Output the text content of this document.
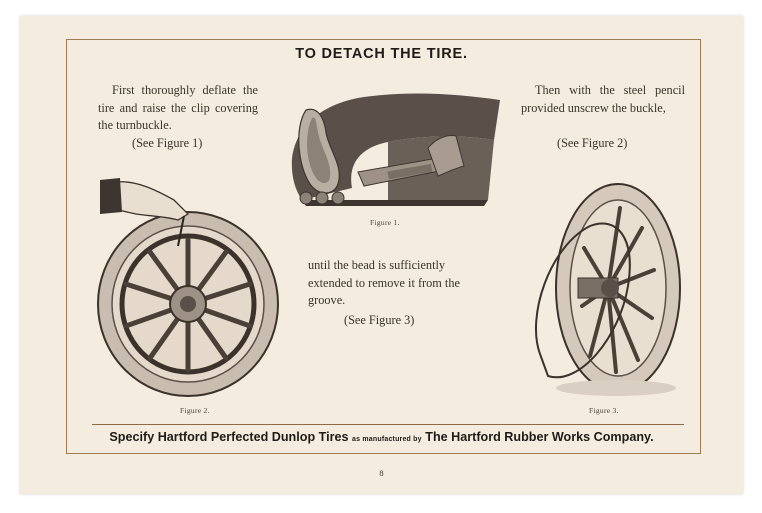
TO DETACH THE TIRE.
First thoroughly deflate the tire and raise the clip covering the turnbuckle.
(See Figure 1)
Then with the steel pencil provided unscrew the buckle,
(See Figure 2)
until the bead is sufficiently extended to remove it from the groove.
(See Figure 3)
Figure 1.
Figure 2.	Figure 3.
Specify Hartford Perfected Dunlop Tires as manufactured by The Hartford Rubber Works Company.
8
